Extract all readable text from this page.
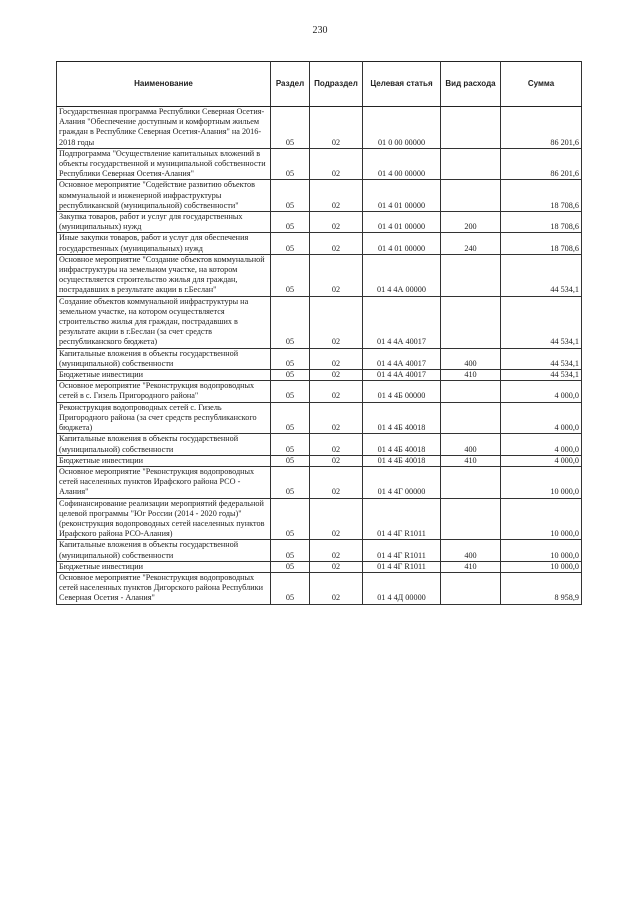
230
Наименование	Раздел	Подраздел	Целевая статья	Вид расхода	Сумма
Государственная программа Республики Северная Осетия-Алания "Обеспечение доступным и комфортным жильем граждан в Республике Северная Осетия-Алания" на 2016-2018 годы	05	02	01 0 00 00000		86 201,6
Подпрограмма "Осуществление капитальных вложений в объекты государственной и муниципальной собственности Республики Северная Осетия-Алания"	05	02	01 4 00 00000		86 201,6
Основное мероприятие "Содействие развитию объектов коммунальной и инженерной инфраструктуры республиканской (муниципальной) собственности"	05	02	01 4 01 00000		18 708,6
Закупка товаров, работ и услуг для государственных (муниципальных) нужд	05	02	01 4 01 00000	200	18 708,6
Иные закупки товаров, работ и услуг для обеспечения государственных (муниципальных) нужд	05	02	01 4 01 00000	240	18 708,6
Основное мероприятие "Создание объектов коммунальной инфраструктуры на земельном участке, на котором осуществляется строительство жилья для граждан, пострадавших в результате акции в г.Беслан"	05	02	01 4 4А 00000		44 534,1
Создание объектов коммунальной инфраструктуры на земельном участке, на котором осуществляется строительство жилья для граждан, пострадавших в результате акции в г.Беслан (за счет средств республиканского бюджета)	05	02	01 4 4А 40017		44 534,1
Капитальные вложения в объекты государственной (муниципальной) собственности	05	02	01 4 4А 40017	400	44 534,1
Бюджетные инвестиции	05	02	01 4 4А 40017	410	44 534,1
Основное мероприятие "Реконструкция водопроводных сетей в с. Гизель Пригородного района"	05	02	01 4 4Б 00000		4 000,0
Реконструкция водопроводных сетей с. Гизель Пригородного района (за счет средств республиканского бюджета)	05	02	01 4 4Б 40018		4 000,0
Капитальные вложения в объекты государственной (муниципальной) собственности	05	02	01 4 4Б 40018	400	4 000,0
Бюджетные инвестиции	05	02	01 4 4Б 40018	410	4 000,0
Основное мероприятие "Реконструкция водопроводных сетей населенных пунктов Ирафского района РСО - Алания"	05	02	01 4 4Г 00000		10 000,0
Софинансирование реализации мероприятий федеральной целевой программы "Юг России (2014 - 2020 годы)" (реконструкция водопроводных сетей населенных пунктов Ирафского района РСО-Алания)	05	02	01 4 4Г R1011		10 000,0
Капитальные вложения в объекты государственной (муниципальной) собственности	05	02	01 4 4Г R1011	400	10 000,0
Бюджетные инвестиции	05	02	01 4 4Г R1011	410	10 000,0
Основное мероприятие "Реконструкция водопроводных сетей населенных пунктов Дигорского района Республики Северная Осетия - Алания"	05	02	01 4 4Д 00000		8 958,9
